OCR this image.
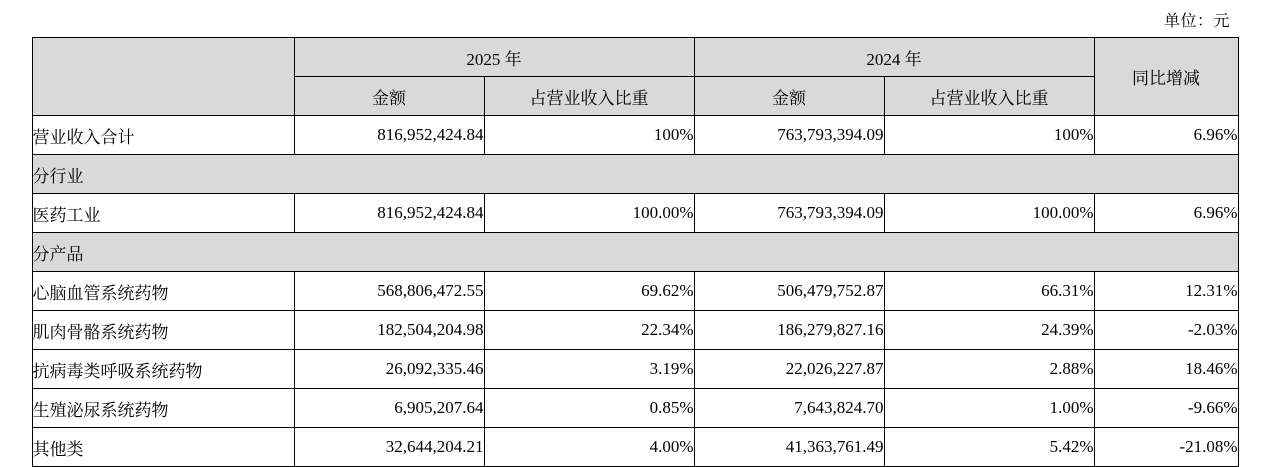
单位：元
	2025 年		2024 年		同比增减
	金额	占营业收入比重	金额	占营业收入比重	
营业收入合计	816,952,424.84	100%	763,793,394.09	100%	6.96%
分行业					
医药工业	816,952,424.84	100.00%	763,793,394.09	100.00%	6.96%
分产品					
心脑血管系统药物	568,806,472.55	69.62%	506,479,752.87	66.31%	12.31%
肌肉骨骼系统药物	182,504,204.98	22.34%	186,279,827.16	24.39%	-2.03%
抗病毒类呼吸系统药物	26,092,335.46	3.19%	22,026,227.87	2.88%	18.46%
生殖泌尿系统药物	6,905,207.64	0.85%	7,643,824.70	1.00%	-9.66%
其他类	32,644,204.21	4.00%	41,363,761.49	5.42%	-21.08%
